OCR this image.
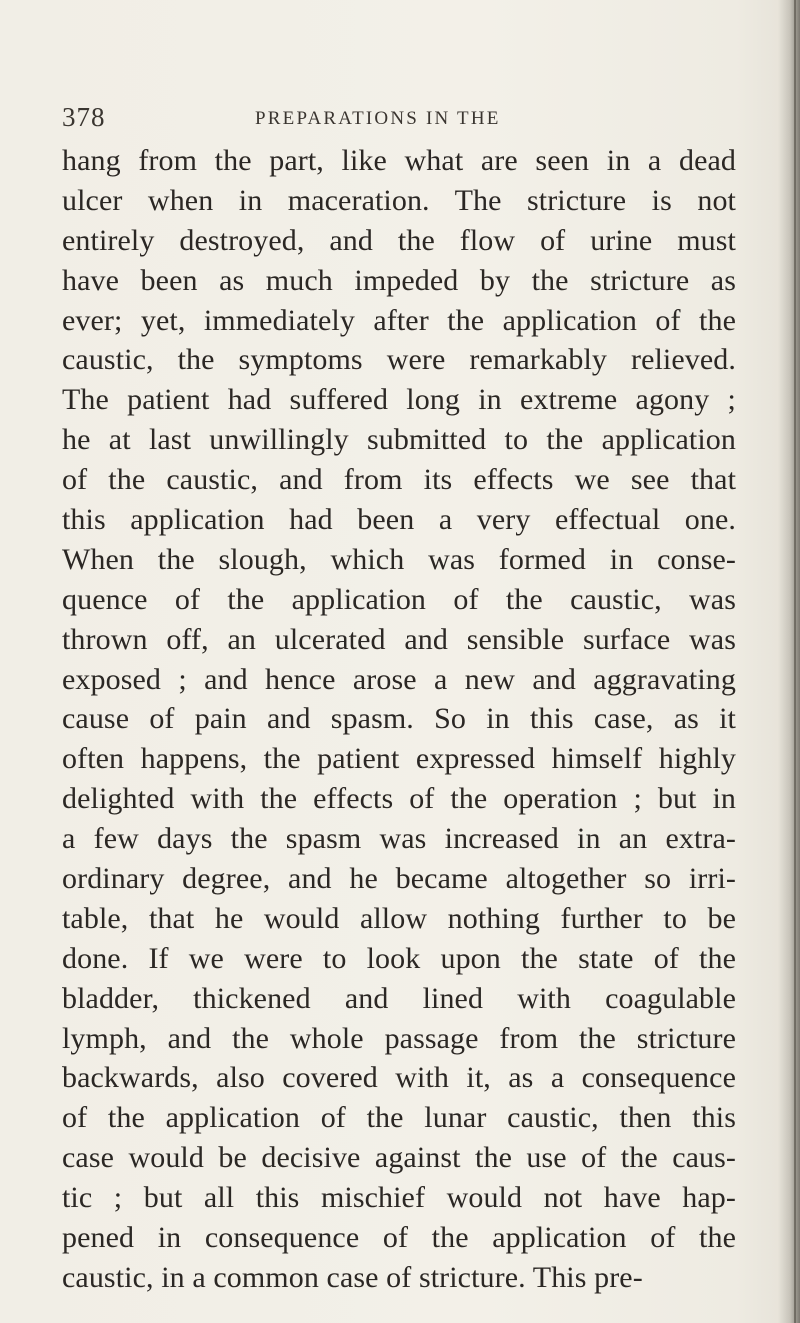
378	PREPARATIONS IN THE
hang from the part, like what are seen in a dead
ulcer when in maceration. The stricture is not
entirely destroyed, and the flow of urine must
have been as much impeded by the stricture as
ever; yet, immediately after the application of the
caustic, the symptoms were remarkably relieved.
The patient had suffered long in extreme agony ;
he at last unwillingly submitted to the application
of the caustic, and from its effects we see that
this application had been a very effectual one.
When the slough, which was formed in conse-
quence of the application of the caustic, was
thrown off, an ulcerated and sensible surface was
exposed ; and hence arose a new and aggravating
cause of pain and spasm. So in this case, as it
often happens, the patient expressed himself highly
delighted with the effects of the operation ; but in
a few days the spasm was increased in an extra-
ordinary degree, and he became altogether so irri-
table, that he would allow nothing further to be
done. If we were to look upon the state of the
bladder, thickened and lined with coagulable
lymph, and the whole passage from the stricture
backwards, also covered with it, as a consequence
of the application of the lunar caustic, then this
case would be decisive against the use of the caus-
tic ; but all this mischief would not have hap-
pened in consequence of the application of the
caustic, in a common case of stricture. This pre-
